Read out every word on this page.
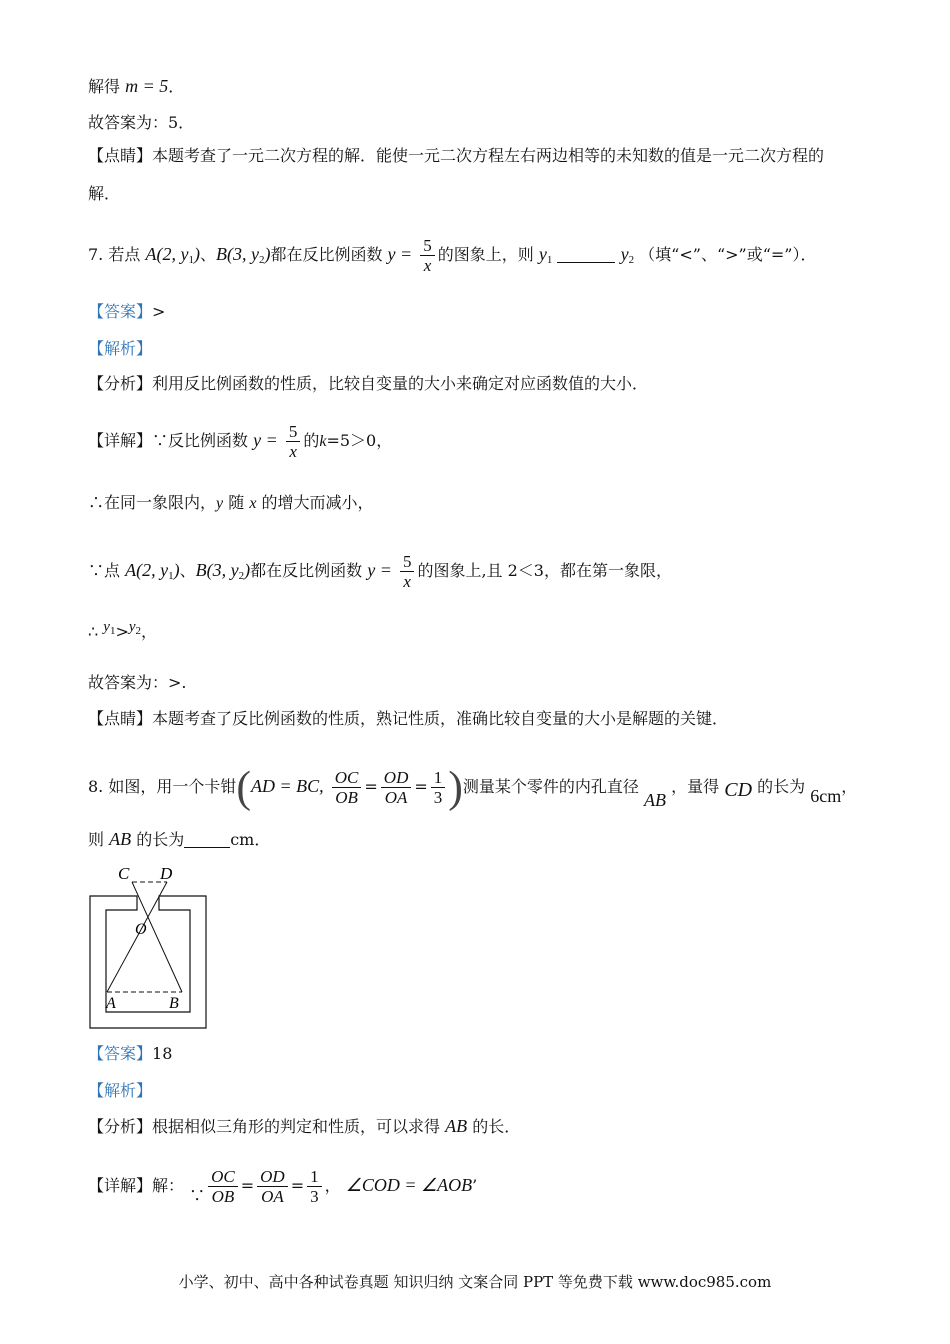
解得 m = 5．
故答案为：5．
【点睛】本题考查了一元二次方程的解．能使一元二次方程左右两边相等的未知数的值是一元二次方程的
解．
7. 若点 A(2, $y_1$)、B(3, $y_2$)都在反比例函数 $y = \frac{5}{x}$ 的图象上，则 $y_1$	$y_2$ （填“<”、“>”或“=”）．
【答案】>
【解析】
【分析】利用反比例函数的性质，比较自变量的大小来确定对应函数值的大小．
【详解】∵反比例函数 $y = \frac{5}{x}$ 的k=5＞0，
∴在同一象限内，y 随 x 的增大而减小，
∵点 A(2, $y_1$)、B(3, $y_2$)都在反比例函数 $y = \frac{5}{x}$ 的图象上,且 2＜3，都在第一象限，
∴ $y_1>y_2$，
故答案为：>.
【点睛】本题考查了反比例函数的性质，熟记性质，准确比较自变量的大小是解题的关键．
8. 如图，用一个卡钳(AD = BC, $\frac{OC}{OB} = \frac{OD}{OA} = \frac{1}{3}$ )测量某个零件的内孔直径 AB ，量得 CD 的长为 6cm，
则 AB 的长为	cm．
C D
O
A	B
【答案】18
【解析】
【分析】根据相似三角形的判定和性质，可以求得 AB 的长．
【详解】解： ∵ $\frac{OC}{OB} = \frac{OD}{OA} = \frac{1}{3}$ ， ∠COD = ∠AOB’
小学、初中、高中各种试卷真题 知识归纳 文案合同 PPT 等免费下载 www.doc985.com
